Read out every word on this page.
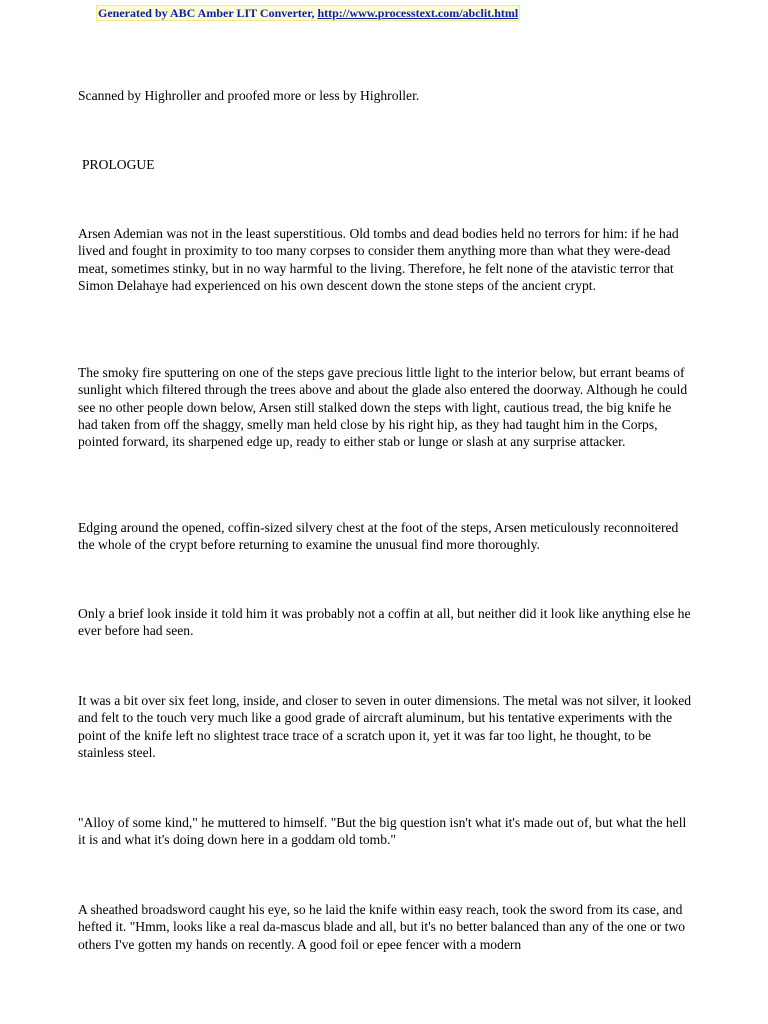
Generated by ABC Amber LIT Converter, http://www.processtext.com/abclit.html

Scanned by Highroller and proofed more or less by Highroller.

PROLOGUE

Arsen Ademian was not in the least superstitious. Old tombs and dead bodies held no terrors for him: if he had lived and fought in proximity to too many corpses to consider them anything more than what they were-dead meat, sometimes stinky, but in no way harmful to the living. Therefore, he felt none of the atavistic terror that Simon Delahaye had experienced on his own descent down the stone steps of the ancient crypt.

The smoky fire sputtering on one of the steps gave precious little light to the interior below, but errant beams of sunlight which filtered through the trees above and about the glade also entered the doorway. Although he could see no other people down below, Arsen still stalked down the steps with light, cautious tread, the big knife he had taken from off the shaggy, smelly man held close by his right hip, as they had taught him in the Corps, pointed forward, its sharpened edge up, ready to either stab or lunge or slash at any surprise attacker.

Edging around the opened, coffin-sized silvery chest at the foot of the steps, Arsen meticulously reconnoitered the whole of the crypt before returning to examine the unusual find more thoroughly.

Only a brief look inside it told him it was probably not a coffin at all, but neither did it look like anything else he ever before had seen.

It was a bit over six feet long, inside, and closer to seven in outer dimensions. The metal was not silver, it looked and felt to the touch very much like a good grade of aircraft aluminum, but his tentative experiments with the point of the knife left no slightest trace trace of a scratch upon it, yet it was far too light, he thought, to be stainless steel.

"Alloy of some kind," he muttered to himself. "But the big question isn't what it's made out of, but what the hell it is and what it's doing down here in a goddam old tomb."

A sheathed broadsword caught his eye, so he laid the knife within easy reach, took the sword from its case, and hefted it. "Hmm, looks like a real da-mascus blade and all, but it's no better balanced than any of the one or two others I've gotten my hands on recently. A good foil or epee fencer with a modern
